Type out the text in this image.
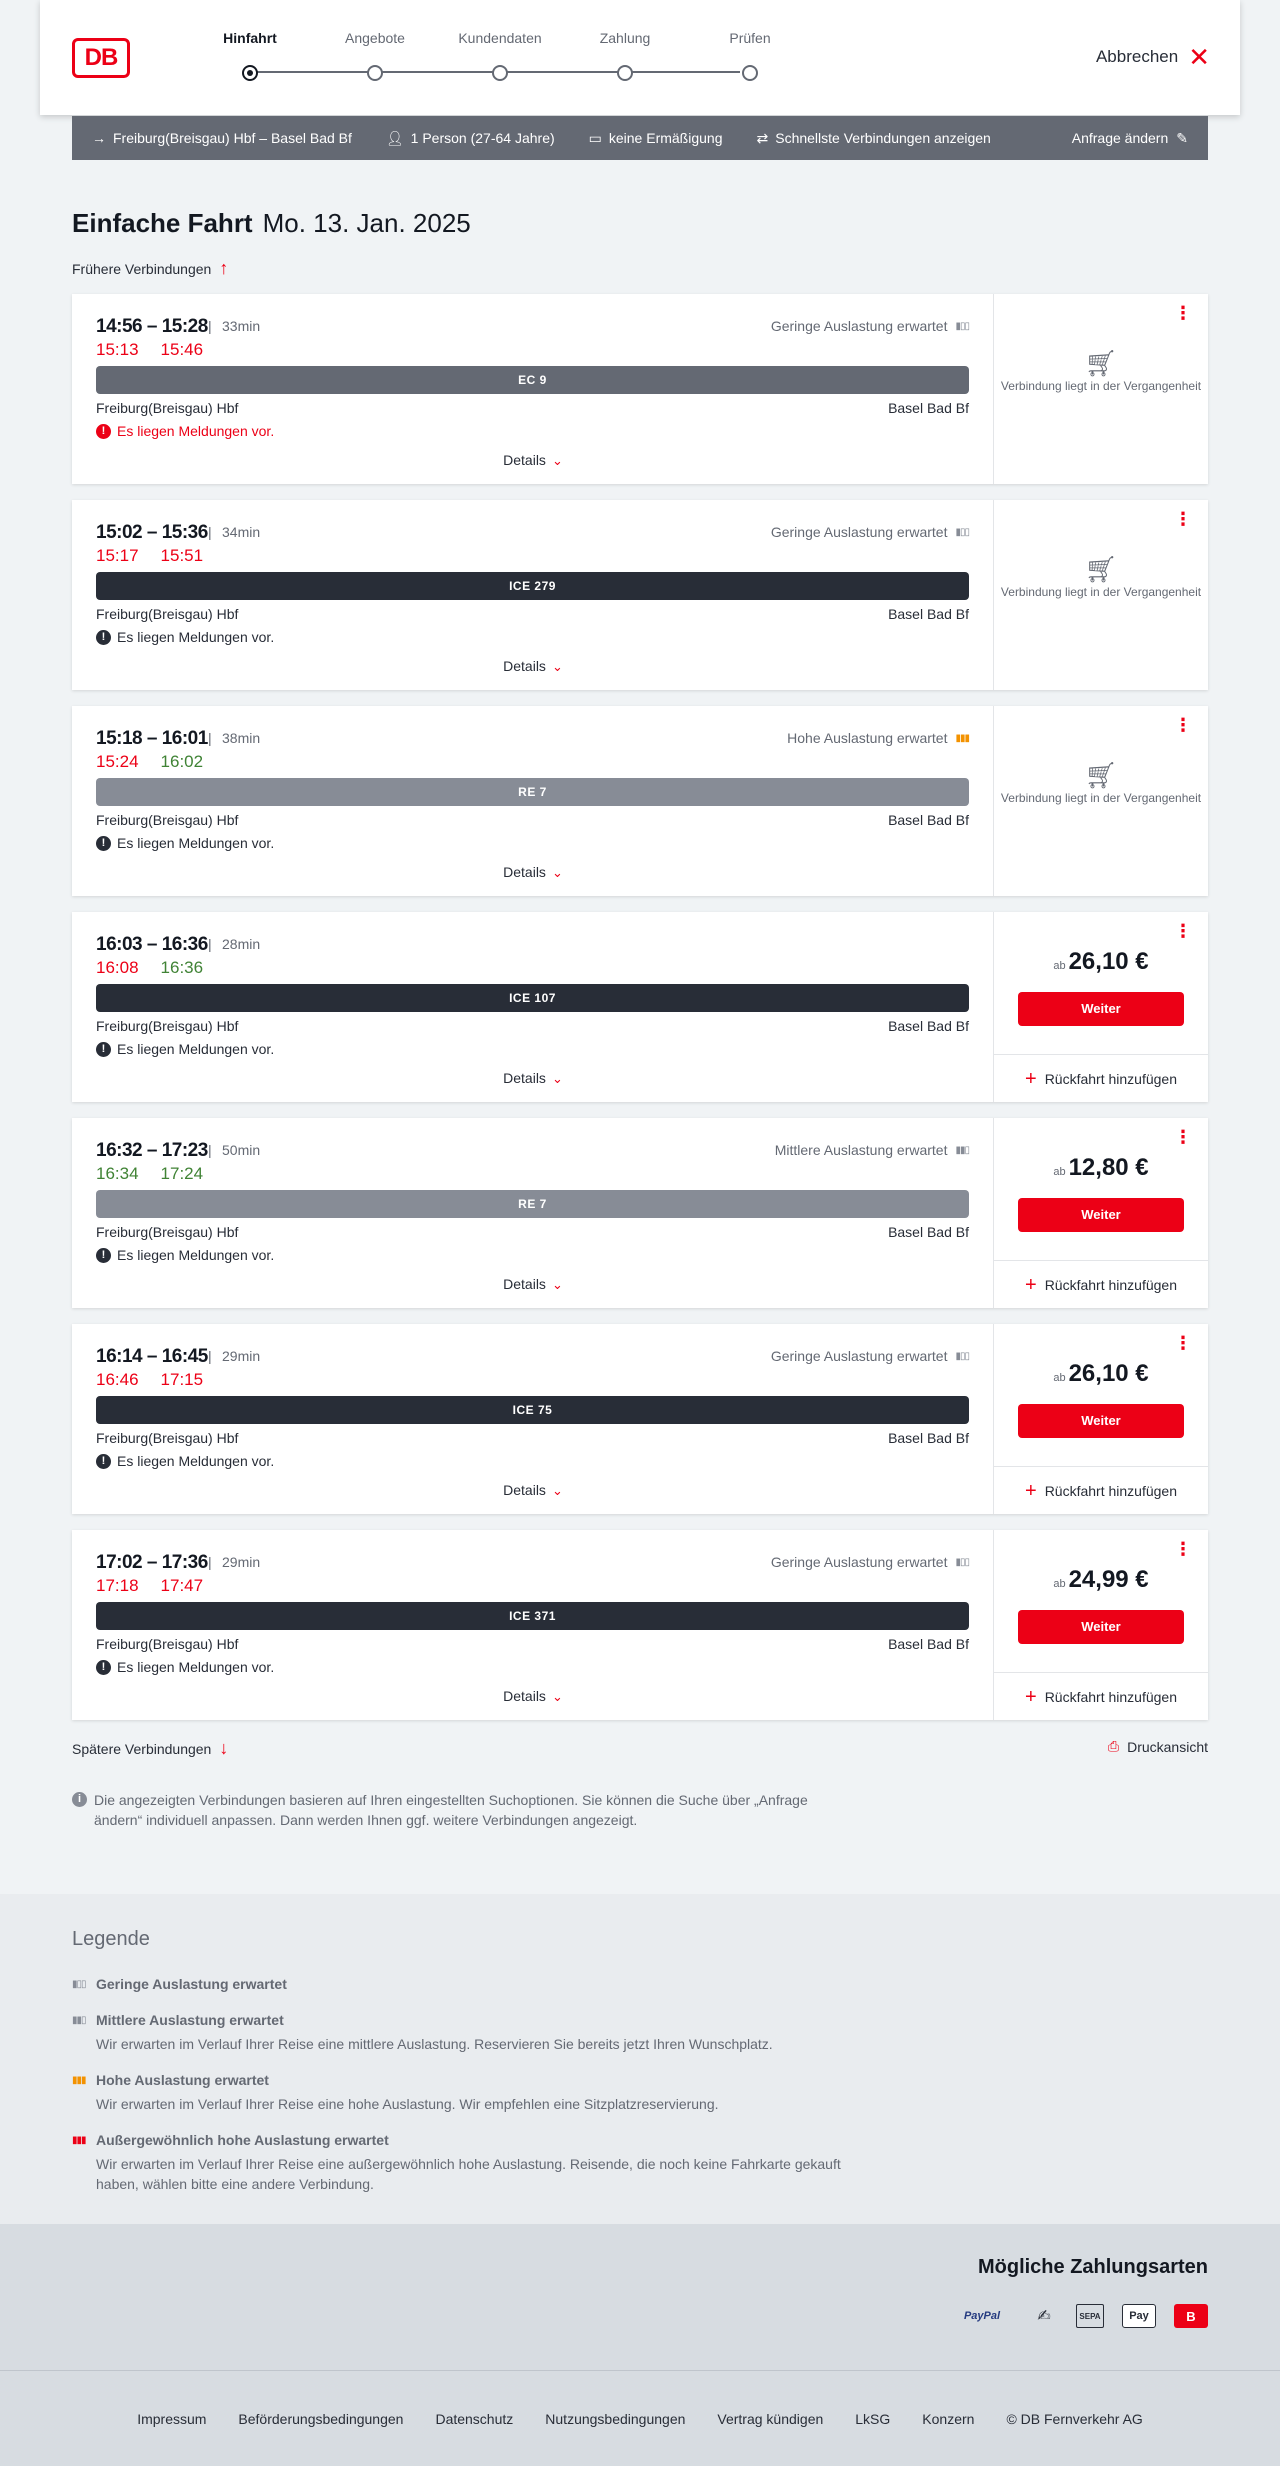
DB
Hinfahrt	Angebote	Kundendaten	Zahlung	Prüfen
Abbrechen ✕
→ Freiburg(Breisgau) Hbf – Basel Bad Bf 👤︎ 1 Person (27-64 Jahre) ▭ keine Ermäßigung ⇄ Schnellste Verbindungen anzeigen	Anfrage ändern ✎
Einfache Fahrt Mo. 13. Jan. 2025
Frühere Verbindungen ↑
14:56 – 15:28 | 33min
15:13 15:46
Geringe Auslastung erwartet ▮▯▯
EC 9
Freiburg(Breisgau) Hbf	Basel Bad Bf
! Es liegen Meldungen vor.
Details ⌄
⋮
🛒︎
Verbindung liegt in der Vergangenheit
15:02 – 15:36 | 34min
15:17 15:51
Geringe Auslastung erwartet ▮▯▯
ICE 279
Freiburg(Breisgau) Hbf	Basel Bad Bf
! Es liegen Meldungen vor.
Details ⌄
⋮
🛒︎
Verbindung liegt in der Vergangenheit
15:18 – 16:01 | 38min
15:24 16:02
Hohe Auslastung erwartet ▮▮▮
RE 7
Freiburg(Breisgau) Hbf	Basel Bad Bf
! Es liegen Meldungen vor.
Details ⌄
⋮
🛒︎
Verbindung liegt in der Vergangenheit
16:03 – 16:36 | 28min
16:08 16:36
ICE 107
Freiburg(Breisgau) Hbf	Basel Bad Bf
! Es liegen Meldungen vor.
Details ⌄
⋮
ab 26,10 €
Weiter
+ Rückfahrt hinzufügen
16:32 – 17:23 | 50min
16:34 17:24
Mittlere Auslastung erwartet ▮▮▯
RE 7
Freiburg(Breisgau) Hbf	Basel Bad Bf
! Es liegen Meldungen vor.
Details ⌄
⋮
ab 12,80 €
Weiter
+ Rückfahrt hinzufügen
16:14 – 16:45 | 29min
16:46 17:15
Geringe Auslastung erwartet ▮▯▯
ICE 75
Freiburg(Breisgau) Hbf	Basel Bad Bf
! Es liegen Meldungen vor.
Details ⌄
⋮
ab 26,10 €
Weiter
+ Rückfahrt hinzufügen
17:02 – 17:36 | 29min
17:18 17:47
Geringe Auslastung erwartet ▮▯▯
ICE 371
Freiburg(Breisgau) Hbf	Basel Bad Bf
! Es liegen Meldungen vor.
Details ⌄
⋮
ab 24,99 €
Weiter
+ Rückfahrt hinzufügen
Spätere Verbindungen ↓	⎙ Druckansicht
i Die angezeigten Verbindungen basieren auf Ihren eingestellten Suchoptionen. Sie können die Suche über „Anfrage ändern“ individuell anpassen. Dann werden Ihnen ggf. weitere Verbindungen angezeigt.
Legende
▮▯▯ Geringe Auslastung erwartet
▮▮▯ Mittlere Auslastung erwartet
Wir erwarten im Verlauf Ihrer Reise eine mittlere Auslastung. Reservieren Sie bereits jetzt Ihren Wunschplatz.
▮▮▮ Hohe Auslastung erwartet
Wir erwarten im Verlauf Ihrer Reise eine hohe Auslastung. Wir empfehlen eine Sitzplatzreservierung.
▮▮▮ Außergewöhnlich hohe Auslastung erwartet
Wir erwarten im Verlauf Ihrer Reise eine außergewöhnlich hohe Auslastung. Reisende, die noch keine Fahrkarte gekauft haben, wählen bitte eine andere Verbindung.
Mögliche Zahlungsarten
PayPal	✍	SEPA	Pay	B
Impressum Beförderungsbedingungen Datenschutz Nutzungsbedingungen Vertrag kündigen LkSG Konzern © DB Fernverkehr AG
